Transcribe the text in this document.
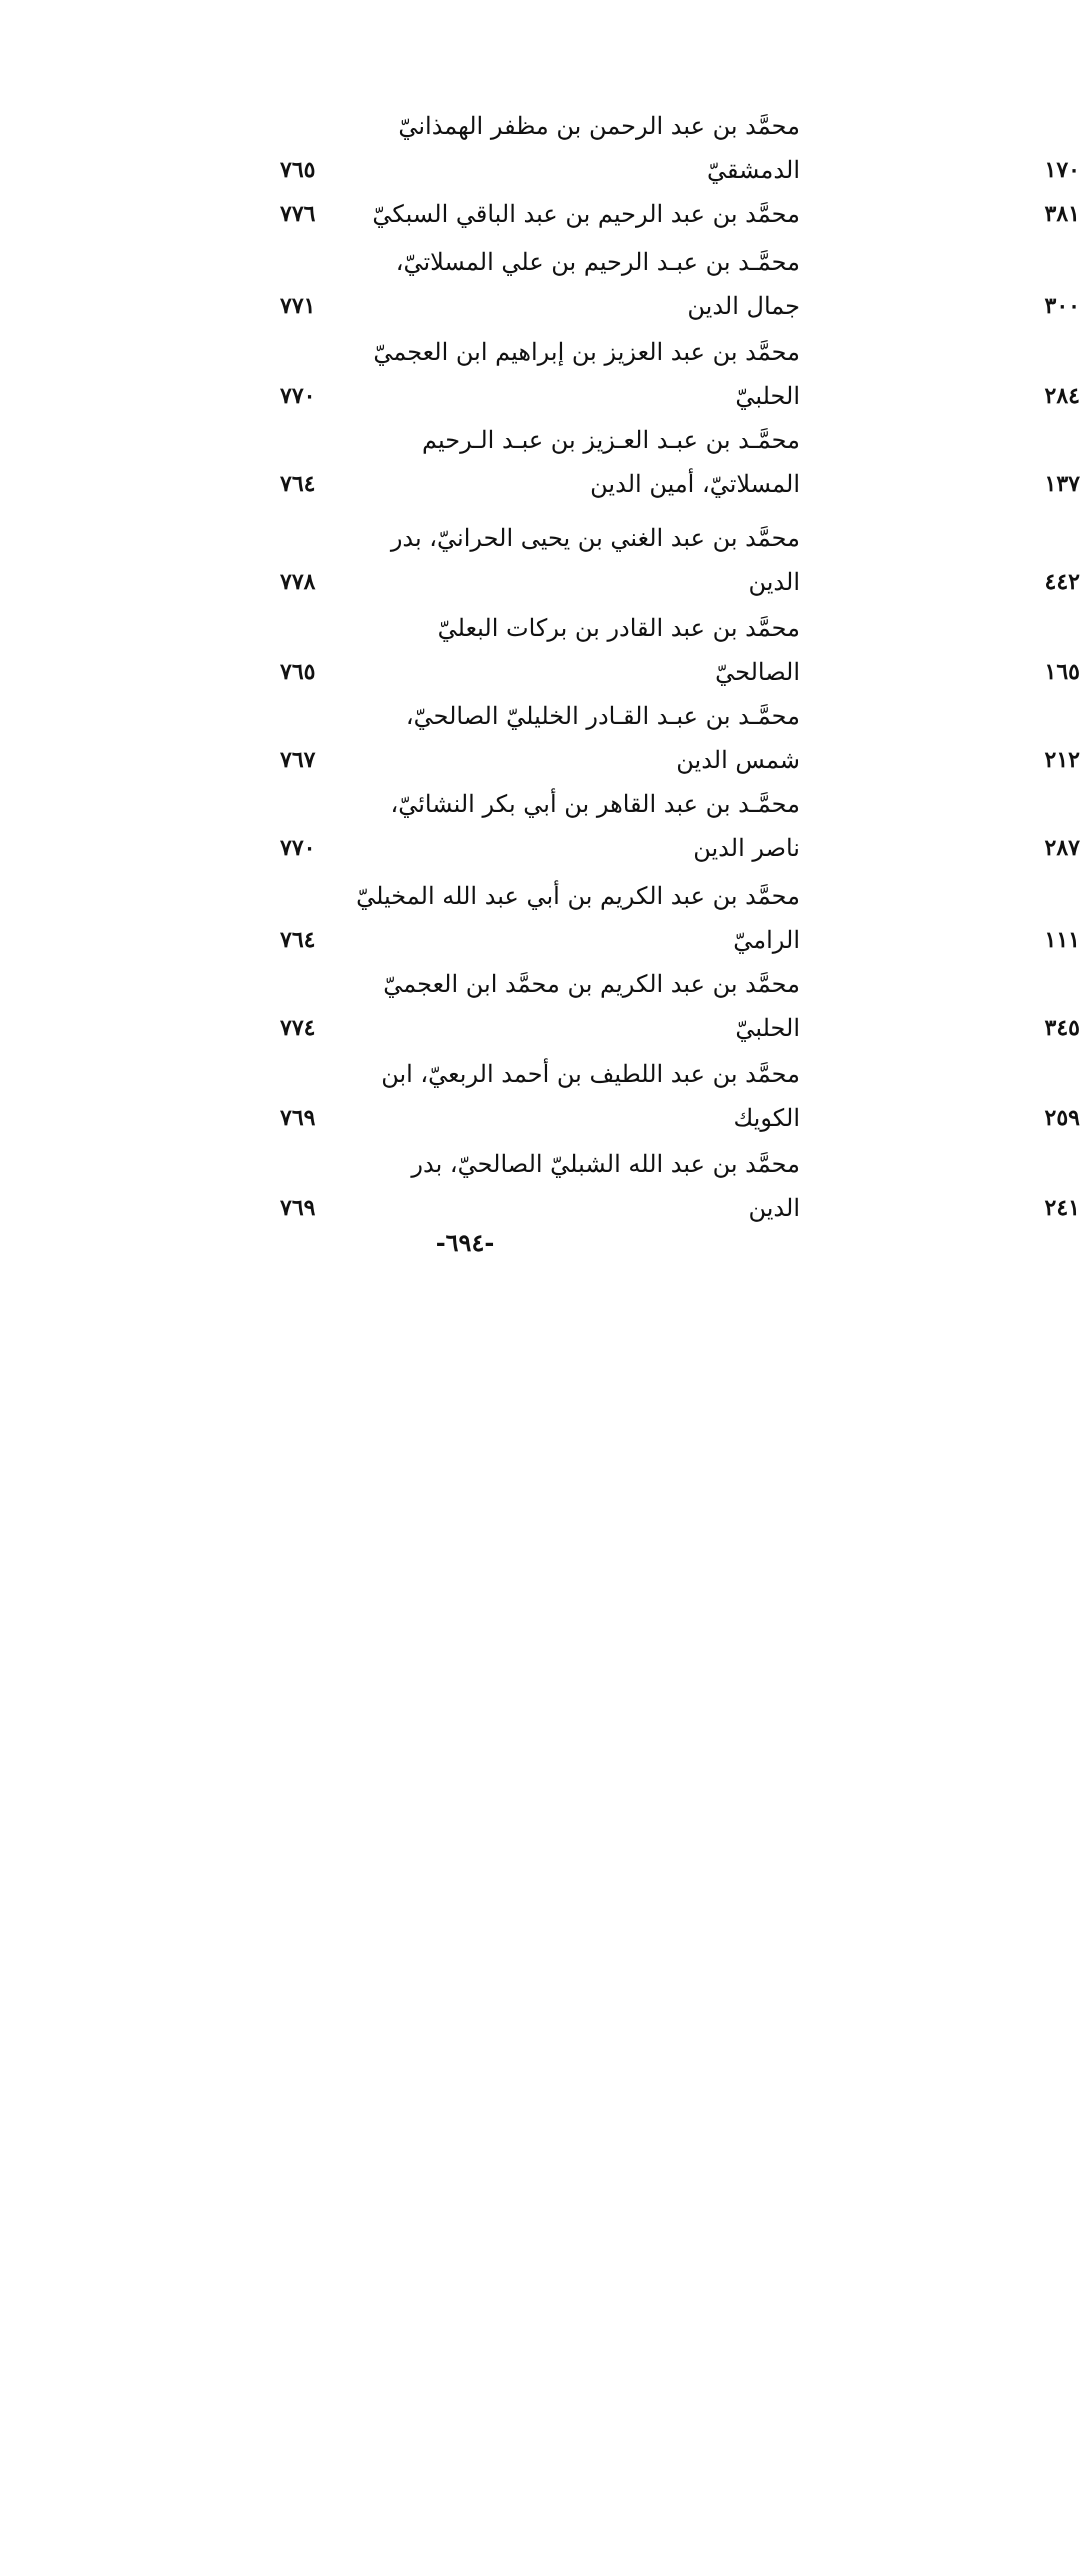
محمَّد بن عبد الرحمن بن مظفر الهمذانيّ
الدمشقيّ
٧٦٥	١٧٠
محمَّد بن عبد الرحيم بن عبد الباقي السبكيّ
٧٧٦	٣٨١
محمَّـد بن عبـد الرحيم بن علي المسلاتيّ،
جمال الدين
٧٧١	٣٠٠
محمَّد بن عبد العزيز بن إبراهيم ابن العجميّ
الحلبيّ
٧٧٠	٢٨٤
محمَّـد بن عبـد العـزيز بن عبـد الـرحيم
المسلاتيّ، أمين الدين
٧٦٤	١٣٧
محمَّد بن عبد الغني بن يحيى الحرانيّ، بدر
الدين
٧٧٨	٤٤٢
محمَّد بن عبد القادر بن بركات البعليّ
الصالحيّ
٧٦٥	١٦٥
محمَّـد بن عبـد القـادر الخليليّ الصالحيّ،
شمس الدين
٧٦٧	٢١٢
محمَّـد بن عبد القاهر بن أبي بكر النشائيّ،
ناصر الدين
٧٧٠	٢٨٧
محمَّد بن عبد الكريم بن أبي عبد الله المخيليّ
الراميّ
٧٦٤	١١١
محمَّد بن عبد الكريم بن محمَّد ابن العجميّ
الحلبيّ
٧٧٤	٣٤٥
محمَّد بن عبد اللطيف بن أحمد الربعيّ، ابن
الكويك
٧٦٩	٢٥٩
محمَّد بن عبد الله الشبليّ الصالحيّ، بدر
الدين
٧٦٩	٢٤١
-٦٩٤-
